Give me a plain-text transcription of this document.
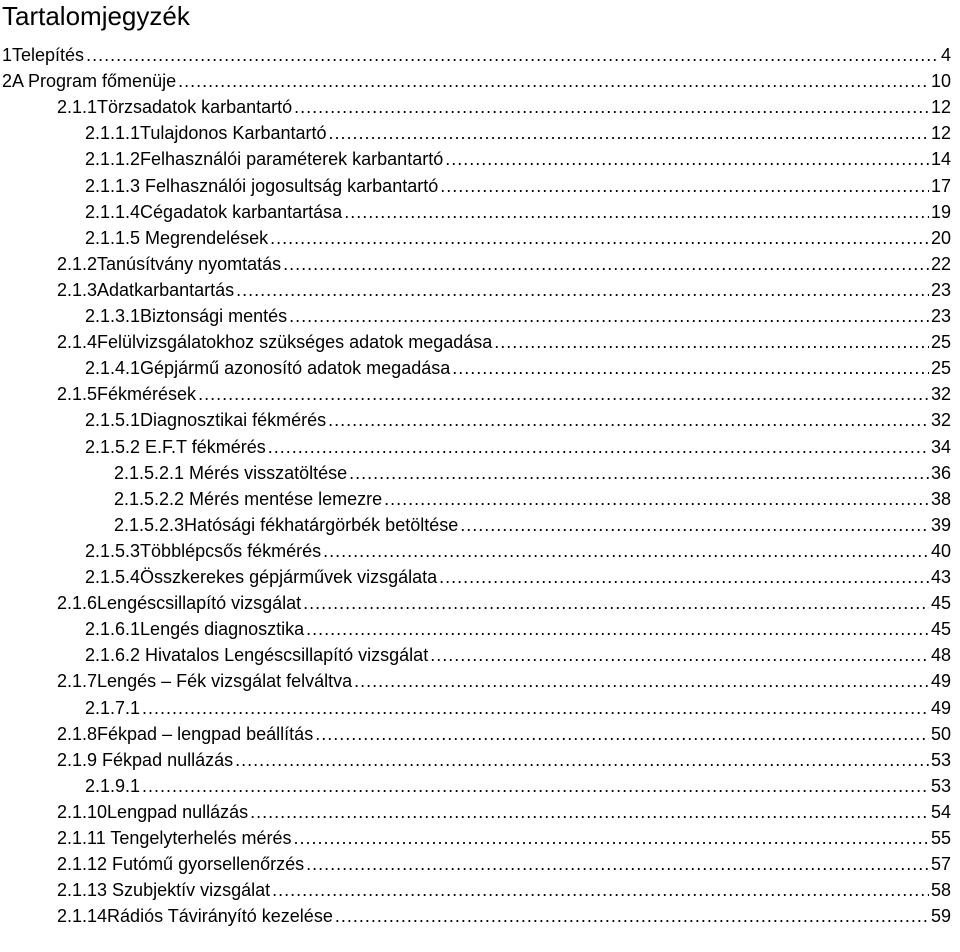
Tartalomjegyzék
1Telepítés .....	4
2A Program főmenüje .....	10
2.1.1Törzsadatok karbantartó .....	12
2.1.1.1Tulajdonos Karbantartó .....	12
2.1.1.2Felhasználói paraméterek karbantartó .....	14
2.1.1.3 Felhasználói jogosultság karbantartó .....	17
2.1.1.4Cégadatok karbantartása .....	19
2.1.1.5 Megrendelések .....	20
2.1.2Tanúsítvány nyomtatás .....	22
2.1.3Adatkarbantartás .....	23
2.1.3.1Biztonsági mentés .....	23
2.1.4Felülvizsgálatokhoz szükséges adatok megadása .....	25
2.1.4.1Gépjármű azonosító adatok megadása .....	25
2.1.5Fékmérések .....	32
2.1.5.1Diagnosztikai fékmérés .....	32
2.1.5.2 E.F.T fékmérés .....	34
2.1.5.2.1 Mérés visszatöltése .....	36
2.1.5.2.2 Mérés mentése lemezre .....	38
2.1.5.2.3Hatósági fékhatárgörbék betöltése .....	39
2.1.5.3Többlépcsős fékmérés .....	40
2.1.5.4Összkerekes gépjárművek vizsgálata .....	43
2.1.6Lengéscsillapító vizsgálat .....	45
2.1.6.1Lengés diagnosztika .....	45
2.1.6.2 Hivatalos Lengéscsillapító vizsgálat .....	48
2.1.7Lengés – Fék vizsgálat felváltva .....	49
2.1.7.1 .....	49
2.1.8Fékpad – lengpad beállítás .....	50
2.1.9 Fékpad nullázás .....	53
2.1.9.1 .....	53
2.1.10Lengpad nullázás .....	54
2.1.11 Tengelyterhelés mérés .....	55
2.1.12 Futómű gyorsellenőrzés .....	57
2.1.13 Szubjektív vizsgálat .....	58
2.1.14Rádiós Távirányító kezelése .....	59
